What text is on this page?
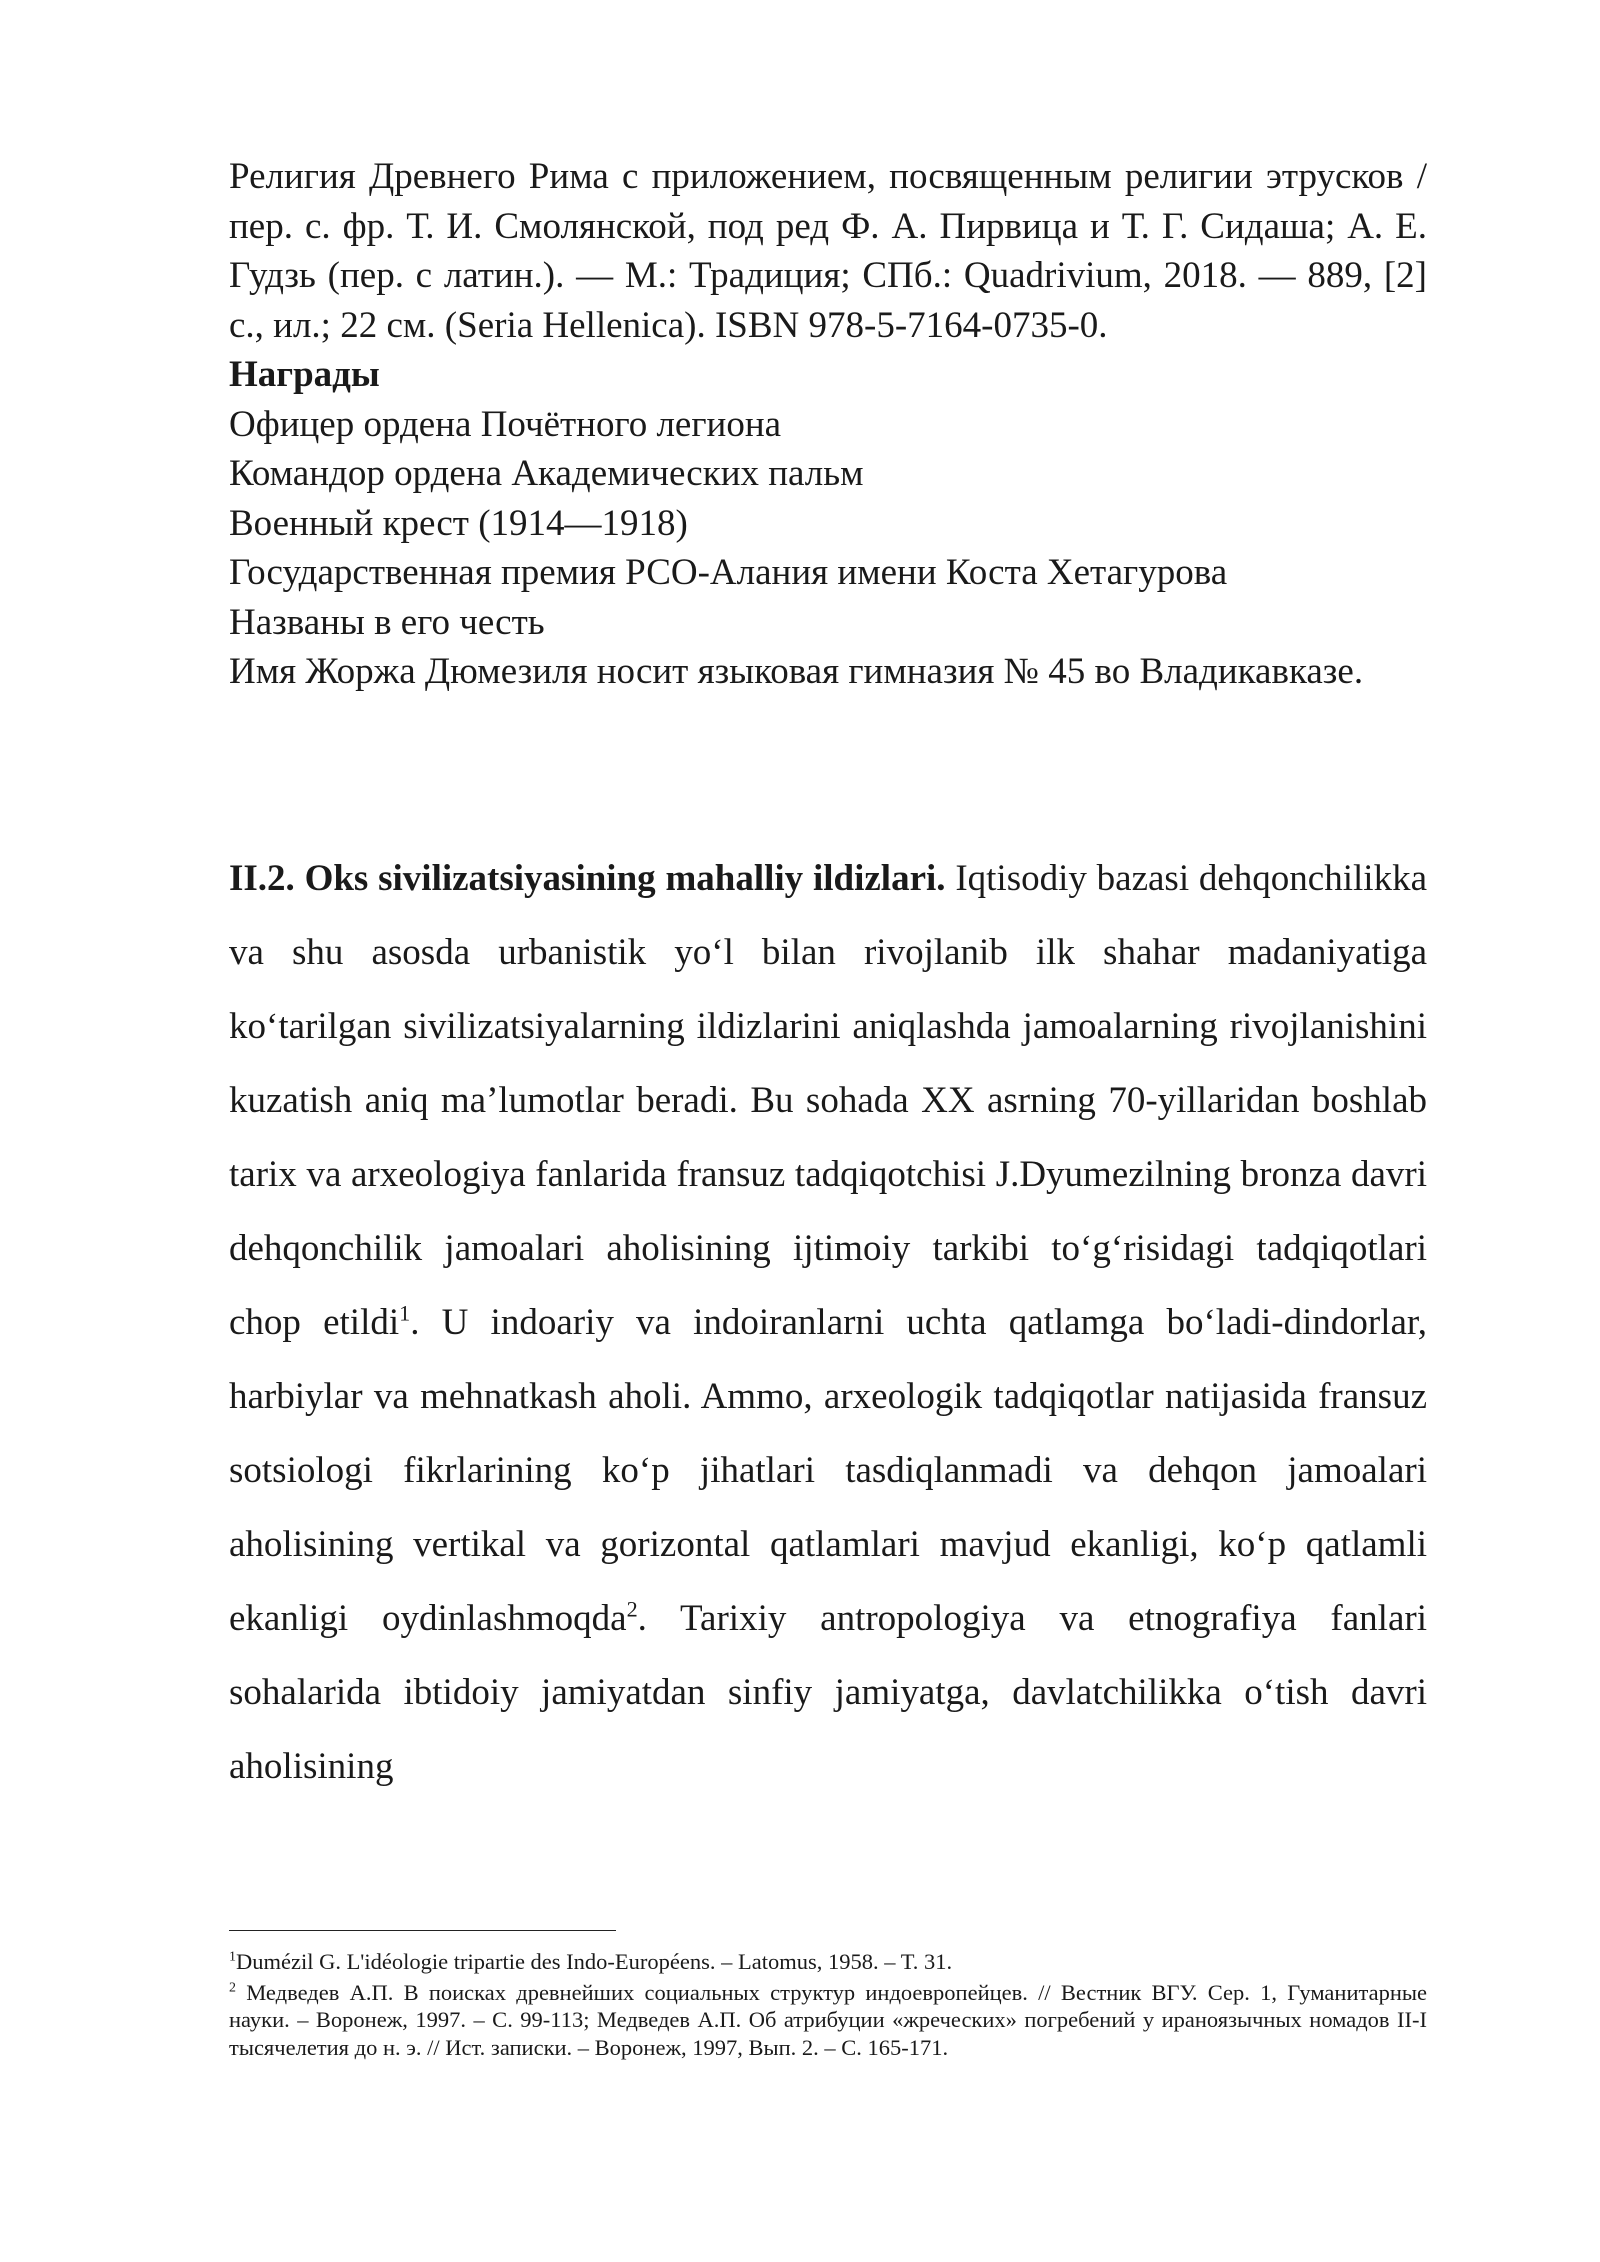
Религия Древнего Рима с приложением, посвященным религии этрусков / пер. с. фр. Т. И. Смолянской, под ред Ф. А. Пирвица и Т. Г. Сидаша; А. Е. Гудзь (пер. с латин.). — М.: Традиция; СПб.: Quadrivium, 2018. — 889, [2] с., ил.; 22 см. (Seria Hellenica). ISBN 978-5-7164-0735-0.

Награды

Офицер ордена Почётного легиона

Командор ордена Академических пальм

Военный крест (1914—1918)

Государственная премия РСО-Алания имени Коста Хетагурова

Названы в его честь

Имя Жоржа Дюмезиля носит языковая гимназия № 45 во Владикавказе.

II.2. Oks sivilizatsiyasining mahalliy ildizlari. Iqtisodiy bazasi dehqonchilikka va shu asosda urbanistik yo‘l bilan rivojlanib ilk shahar madaniyatiga ko‘tarilgan sivilizatsiyalarning ildizlarini aniqlashda jamoalarning rivojlanishini kuzatish aniq ma’lumotlar beradi. Bu sohada XX asrning 70-yillaridan boshlab tarix va arxeologiya fanlarida fransuz tadqiqotchisi J.Dyumezilning bronza davri dehqonchilik jamoalari aholisining ijtimoiy tarkibi to‘g‘risidagi tadqiqotlari chop etildi$^1$. U indoariy va indoiranlarni uchta qatlamga bo‘ladi-dindorlar, harbiylar va mehnatkash aholi. Ammo, arxeologik tadqiqotlar natijasida fransuz sotsiologi fikrlarining ko‘p jihatlari tasdiqlanmadi va dehqon jamoalari aholisining vertikal va gorizontal qatlamlari mavjud ekanligi, ko‘p qatlamli ekanligi oydinlashmoqda$^2$. Tarixiy antropologiya va etnografiya fanlari sohalarida ibtidoiy jamiyatdan sinfiy jamiyatga, davlatchilikka o‘tish davri aholisining

$^1$Dumézil G. L'idéologie tripartie des Indo-Européens. – Latomus, 1958. – T. 31.

$^2$ Медведев А.П. В поисках древнейших социальных структур индоевропейцев. // Вестник ВГУ. Сер. 1, Гуманитарные науки. – Воронеж, 1997. – С. 99-113; Медведев А.П. Об атрибуции «жреческих» погребений у ираноязычных номадов II-I тысячелетия до н. э. // Ист. записки. – Воронеж, 1997, Вып. 2. – С. 165-171.
